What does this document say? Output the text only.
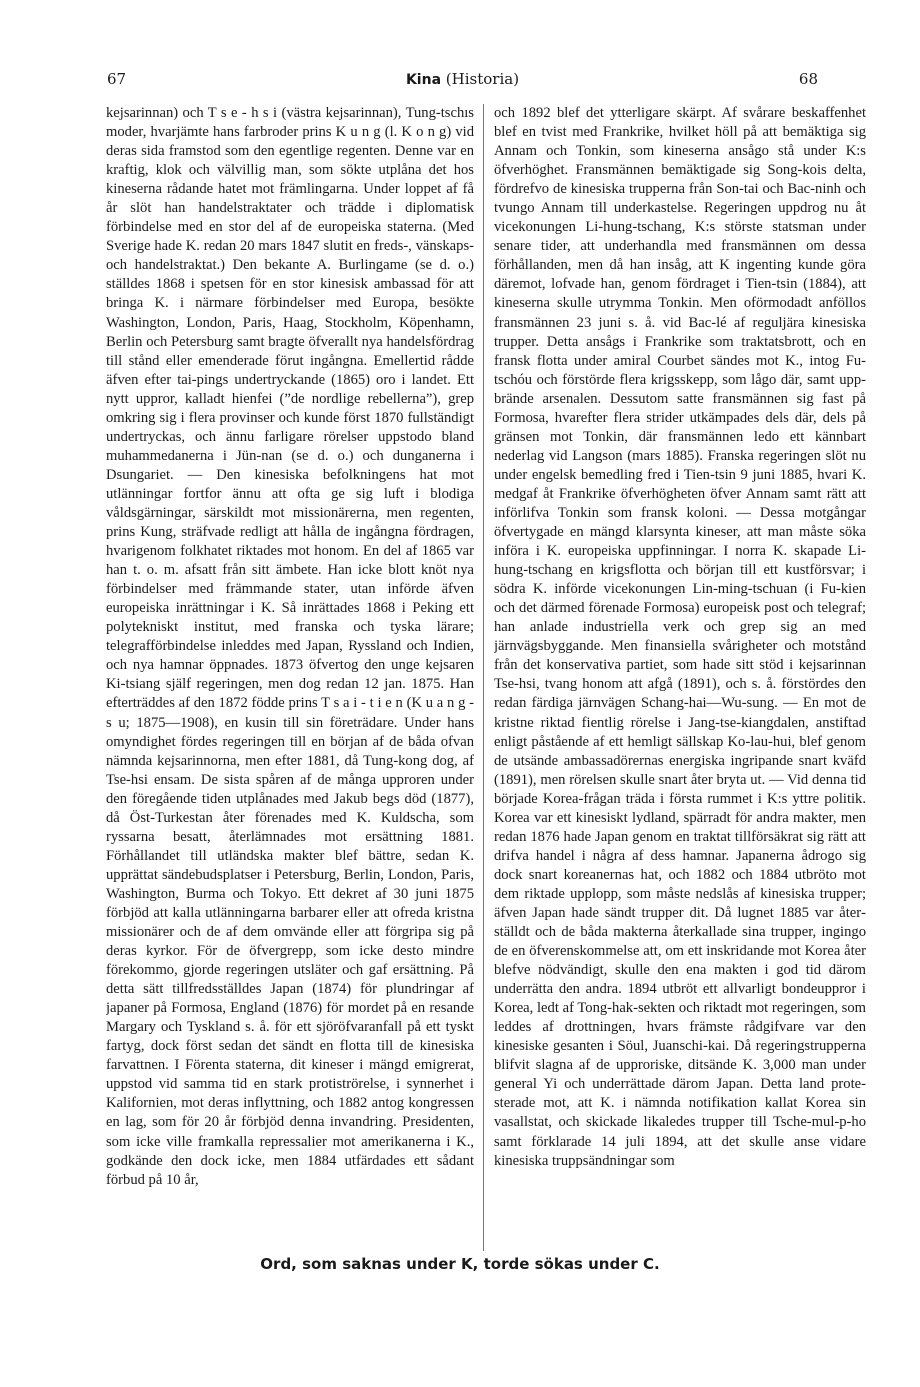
67	Kina (Historia)	68

kejsarinnan) och T s e - h s i (västra kejsarinnan), Tung-tschıs moder, hvarjämte hans farbroder prins K u n g (l. K o n g) vid deras sida framstod som den egentlige regenten. Denne var en kraftig, klok och välvillig man, som sökte utplåna det hos kineserna rådande hatet mot främlingarna. Under loppet af få år slöt han handelstraktater och trädde i diplomatisk förbindelse med en stor del af de europeiska staterna. (Med Sverige hade K. redan 20 mars 1847 slutit en freds-, vänskaps- och handelstraktat.) Den bekante A. Burlingame (se d. o.) ställdes 1868 i spetsen för en stor kinesisk ambassad för att bringa K. i närmare förbindelser med Europa, besökte Washington, London, Paris, Haag, Stockholm, Köpenhamn, Berlin och Petersburg samt bragte öfverallt nya handelsfördrag till stånd eller emenderade förut ingångna. Emellertid rådde äfven efter tai-pings undertryckande (1865) oro i landet. Ett nytt uppror, kalladt hienfei (”de nordlige rebellerna”), grep omkring sig i flera provinser och kunde först 1870 fullständigt undertryckas, och ännu farligare rörelser uppstodo bland muhammedanerna i Jün-nan (se d. o.) och dunganerna i Dsungariet. — Den kinesiska befolkningens hat mot utlänningar fortfor ännu att ofta ge sig luft i blodiga våldsgärningar, särskildt mot missionärerna, men regenten, prins Kung, sträfvade redligt att hålla de ingångna fördragen, hvarigenom folkhatet riktades mot honom. En del af 1865 var han t. o. m. afsatt från sitt ämbete. Han icke blott knöt nya förbindelser med främmande stater, utan införde äfven europeiska inrättningar i K. Så inrättades 1868 i Peking ett polytekniskt institut, med franska och tyska lärare; telegrafförbindelse inleddes med Japan, Ryssland och Indien, och nya hamnar öppnades. 1873 öfvertog den unge kejsaren Ki-tsiang själf regeringen, men dog redan 12 jan. 1875. Han efterträddes af den 1872 födde prins T s a i - t i e n (K u a n g - s u; 1875—1908), en kusin till sin företrädare. Under hans omyndighet fördes regeringen till en början af de båda ofvan nämnda kejsarinnorna, men efter 1881, då Tung-kong dog, af Tse-hsi ensam. De sista spåren af de många upproren under den föregående tiden utplånades med Jakub begs död (1877), då Öst-Turkestan åter förenades med K. Kuldscha, som ryssarna besatt, återlämnades mot ersättning 1881. Förhållandet till utländska makter blef bättre, sedan K. upprättat sändebudsplatser i Petersburg, Berlin, London, Paris, Washington, Burma och Tokyo. Ett dekret af 30 juni 1875 förbjöd att kalla utlänningarna barbarer eller att ofreda kristna missionärer och de af dem omvände eller att förgripa sig på deras kyrkor. För de öfvergrepp, som icke desto mindre förekommo, gjorde regeringen utsläter och gaf ersättning. På detta sätt tillfredsställdes Japan (1874) för plundringar af japaner på Formosa, England (1876) för mordet på en resande Margary och Tyskland s. å. för ett sjöröfvaranfall på ett tyskt fartyg, dock först sedan det sändt en flotta till de kinesiska farvattnen. I Förenta staterna, dit kineser i mängd emigrerat, uppstod vid samma tid en stark protiströrelse, i synnerhet i Kalifornien, mot deras inflyttning, och 1882 antog kongressen en lag, som för 20 år förbjöd denna invandring. Presidenten, som icke ville framkalla repressalier mot amerikanerna i K., godkände den dock icke, men 1884 utfärdades ett sådant förbud på 10 år,

och 1892 blef det ytterligare skärpt. Af svårare beskaffenhet blef en tvist med Frankrike, hvilket höll på att bemäktiga sig Annam och Tonkin, som kineserna ansågo stå under K:s öfverhöghet. Fransmännen bemäktigade sig Song-kois delta, fördrefvo de kinesiska trupperna från Son-tai och Bac-ninh och tvungo Annam till underkastelse. Regeringen uppdrog nu åt vicekonungen Li-hung-tschang, K:s störste statsman under senare tider, att underhandla med fransmännen om dessa förhållanden, men då han insåg, att K ingenting kunde göra däremot, lofvade han, genom fördraget i Tien-tsin (1884), att kineserna skulle utrymma Tonkin. Men oförmodadt anföllos fransmännen 23 juni s. å. vid Bac-lé af reguljära kinesiska trupper. Detta ansågs i Frankrike som traktatsbrott, och en fransk flotta under amiral Courbet sändes mot K., intog Fu-tschóu och förstörde flera krigsskepp, som lågo där, samt uppbrände arsenalen. Dessutom satte fransmännen sig fast på Formosa, hvarefter flera strider utkämpades dels där, dels på gränsen mot Tonkin, där fransmännen ledo ett kännbart nederlag vid Langson (mars 1885). Franska regeringen slöt nu under engelsk bemedling fred i Tien-tsin 9 juni 1885, hvari K. medgaf åt Frankrike öfverhögheten öfver Annam samt rätt att införlifva Tonkin som fransk koloni. — Dessa motgångar öfvertygade en mängd klarsynta kineser, att man måste söka införa i K. europeiska uppfinningar. I norra K. skapade Li-hung-tschang en krigsflotta och början till ett kustförsvar; i södra K. införde vicekonungen Lin-ming-tschuan (i Fu-kien och det därmed förenade Formosa) europeisk post och telegraf; han anlade industriella verk och grep sig an med järnvägsbyggande. Men finansiella svårigheter och motstånd från det konservativa partiet, som hade sitt stöd i kejsarinnan Tse-hsi, tvang honom att afgå (1891), och s. å. förstördes den redan färdiga järnvägen Schang-hai—Wu-sung. — En mot de kristne riktad fientlig rörelse i Jang-tse-kiangdalen, anstiftad enligt påstående af ett hemligt sällskap Ko-lau-hui, blef genom de utsände ambassadörernas energiska ingripande snart kväfd (1891), men rörelsen skulle snart åter bryta ut. — Vid denna tid började Korea-frågan träda i första rummet i K:s yttre politik. Korea var ett kinesiskt lydland, spärradt för andra makter, men redan 1876 hade Japan genom en traktat tillförsäkrat sig rätt att drifva handel i några af dess hamnar. Japanerna ådrogo sig dock snart koreanernas hat, och 1882 och 1884 utbröto mot dem riktade upplopp, som måste nedslås af kinesiska trupper; äfven Japan hade sändt trupper dit. Då lugnet 1885 var återställdt och de båda makterna återkallade sina trupper, ingingo de en öfverenskommelse att, om ett inskridande mot Korea åter blefve nödvändigt, skulle den ena makten i god tid därom underrätta den andra. 1894 utbröt ett allvarligt bondeuppror i Korea, ledt af Tong-hak-sekten och riktadt mot regeringen, som leddes af drottningen, hvars främste rådgifvare var den kinesiske gesanten i Söul, Juanschi-kai. Då regeringstrupperna blifvit slagna af de upproriske, ditsände K. 3,000 man under general Yi och underrättade därom Japan. Detta land protesterade mot, att K. i nämnda notifikation kallat Korea sin vasallstat, och skickade likaledes trupper till Tsche-mul-p-ho samt förklarade 14 juli 1894, att det skulle anse vidare kinesiska truppsändningar som

Ord, som saknas under K, torde sökas under C.
